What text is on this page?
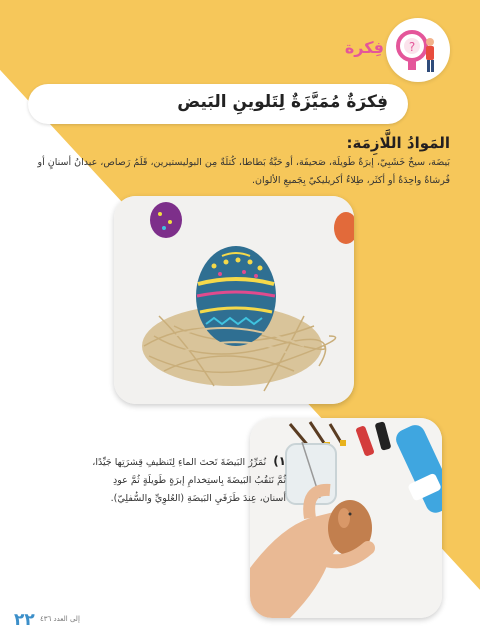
?
فِكرة
فِكرَةٌ مُمَيَّزَةٌ لِتَلوينِ البَيض
المَوادُ اللَّازِمَة:
بَيضَة، سيخٌ خَشَبِيّ، إبرَةٌ طَويلَة، صَحيفَة، أو حَبَّةُ بَطاطا، كُتلَةٌ مِن البوليستيرين، قَلَمُ رَصاص، عيدانُ أسنانٍ أو فُرشاةٌ واحِدَةٌ أو أكثَر، طِلاءٌ أكريليكيّ بِجَميعِ الألوان.
١) نُمَرِّرُ البَيضَةَ تَحتَ الماءِ لِتَنظيفِ قِشرَتِها جَيِّدًا، ثُمَّ نَثقُبُ البَيضَةَ بِاستِخدامِ إبرَةٍ طَويلَةٍ ثُمَّ عودِ أسنان، عِندَ طَرَفَيِ البَيضَةِ (العُلوِيِّ والسُّفلِيّ).
٢٢ إلى العدد ٤٣٦
